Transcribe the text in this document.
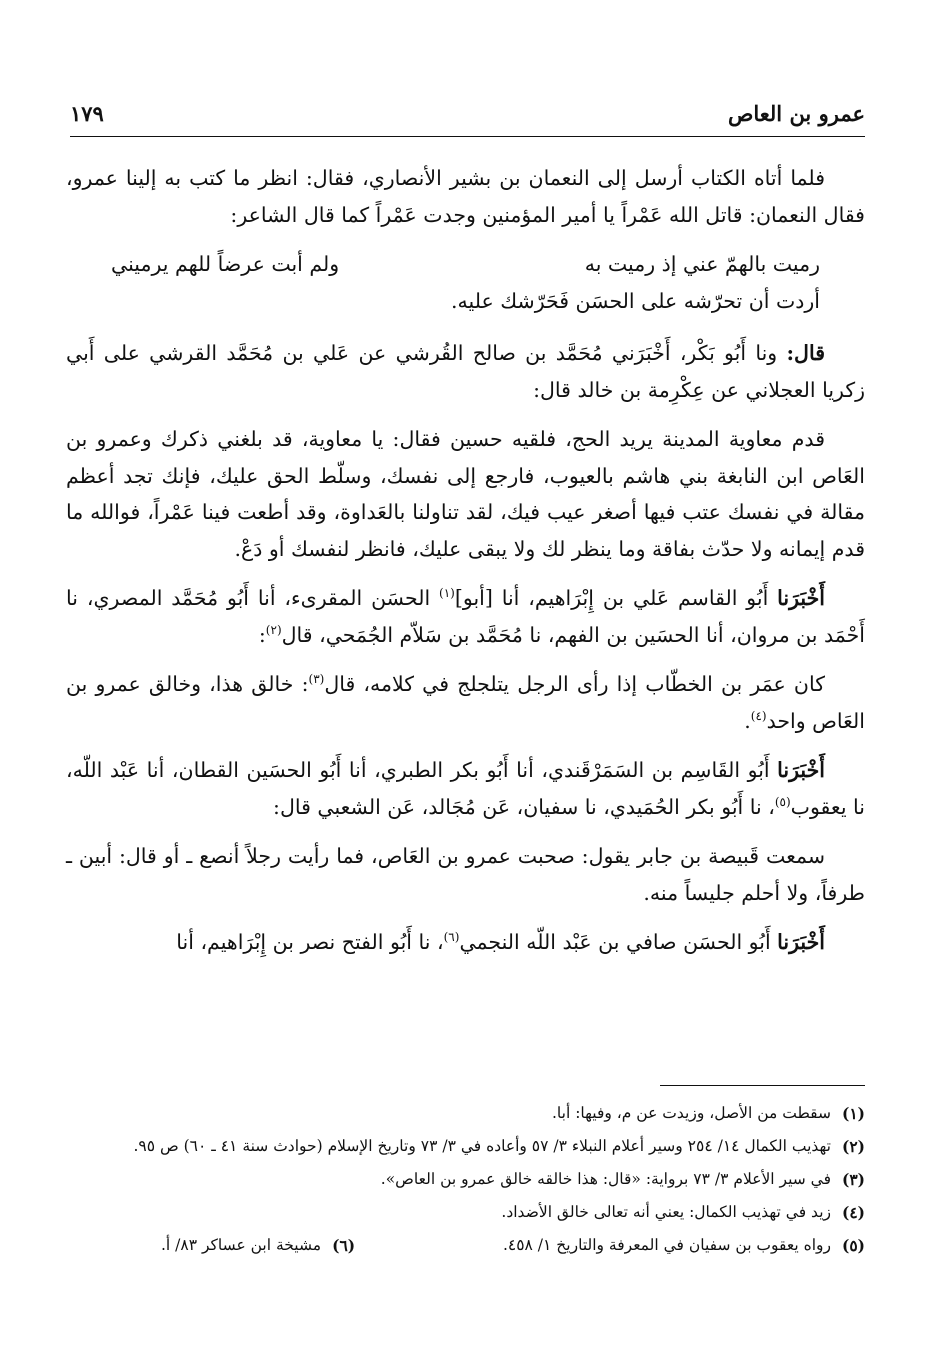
عمرو بن العاص
١٧٩

فلما أتاه الكتاب أرسل إلى النعمان بن بشير الأنصاري، فقال: انظر ما كتب به إلينا عمرو، فقال النعمان: قاتل الله عَمْراً يا أمير المؤمنين وجدت عَمْراً كما قال الشاعر:

رميت بالهمّ عني إذ رميت به
ولم أبت عرضاً للهم يرميني
أردت أن تحرّشه على الحسَن فَحَرّشك عليه.

قال: ونا أَبُو بَكْر، أَخْبَرَني مُحَمَّد بن صالح القُرشي عن عَلي بن مُحَمَّد القرشي على أَبي زكريا العجلاني عن عِكْرِمة بن خالد قال:

قدم معاوية المدينة يريد الحج، فلقيه حسين فقال: يا معاوية، قد بلغني ذكرك وعمرو بن العَاص ابن النابغة بني هاشم بالعيوب، فارجع إلى نفسك، وسلّط الحق عليك، فإنك تجد أعظم مقالة في نفسك عتب فيها أصغر عيب فيك، لقد تناولنا بالعَداوة، وقد أطعت فينا عَمْراً، فوالله ما قدم إيمانه ولا حدّث بفاقة وما ينظر لك ولا يبقى عليك، فانظر لنفسك أو دَعْ.

أَخْبَرَنا أَبُو القاسم عَلي بن إِبْرَاهيم، أنا [أبو]$^{(١)}$ الحسَن المقرىء، أنا أَبُو مُحَمَّد المصري، نا أَحْمَد بن مروان، أنا الحسَين بن الفهم، نا مُحَمَّد بن سَلاّم الجُمَحي، قال$^{(٢)}$:

كان عمَر بن الخطّاب إذا رأى الرجل يتلجلج في كلامه، قال$^{(٣)}$: خالق هذا، وخالق عمرو بن العَاص واحد$^{(٤)}$.

أَخْبَرَنا أَبُو القَاسِم بن السَمَرْقَندي، أنا أَبُو بكر الطبري، أنا أَبُو الحسَين القطان، أنا عَبْد اللّه، نا يعقوب$^{(٥)}$، نا أَبُو بكر الحُمَيدي، نا سفيان، عَن مُجَالد، عَن الشعبي قال:

سمعت قَبيصة بن جابر يقول: صحبت عمرو بن العَاص، فما رأيت رجلاً أنصع ـ أو قال: أبين ـ طرفاً، ولا أحلم جليساً منه.

أَخْبَرَنا أَبُو الحسَن صافي بن عَبْد اللّه النجمي$^{(٦)}$، نا أَبُو الفتح نصر بن إِبْرَاهيم، أنا

(١)
سقطت من الأصل، وزيدت عن م، وفيها: أبا.
(٢)
تهذيب الكمال ١٤/ ٢٥٤ وسير أعلام النبلاء ٣/ ٥٧ وأعاده في ٣/ ٧٣ وتاريخ الإسلام (حوادث سنة ٤١ ـ ٦٠) ص ٩٥.
(٣)
في سير الأعلام ٣/ ٧٣ برواية: «قال: هذا خالقه خالق عمرو بن العاص».
(٤)
زيد في تهذيب الكمال: يعني أنه تعالى خالق الأضداد.
(٥)
رواه يعقوب بن سفيان في المعرفة والتاريخ ١/ ٤٥٨.
(٦)
مشيخة ابن عساكر ٨٣/ أ.
